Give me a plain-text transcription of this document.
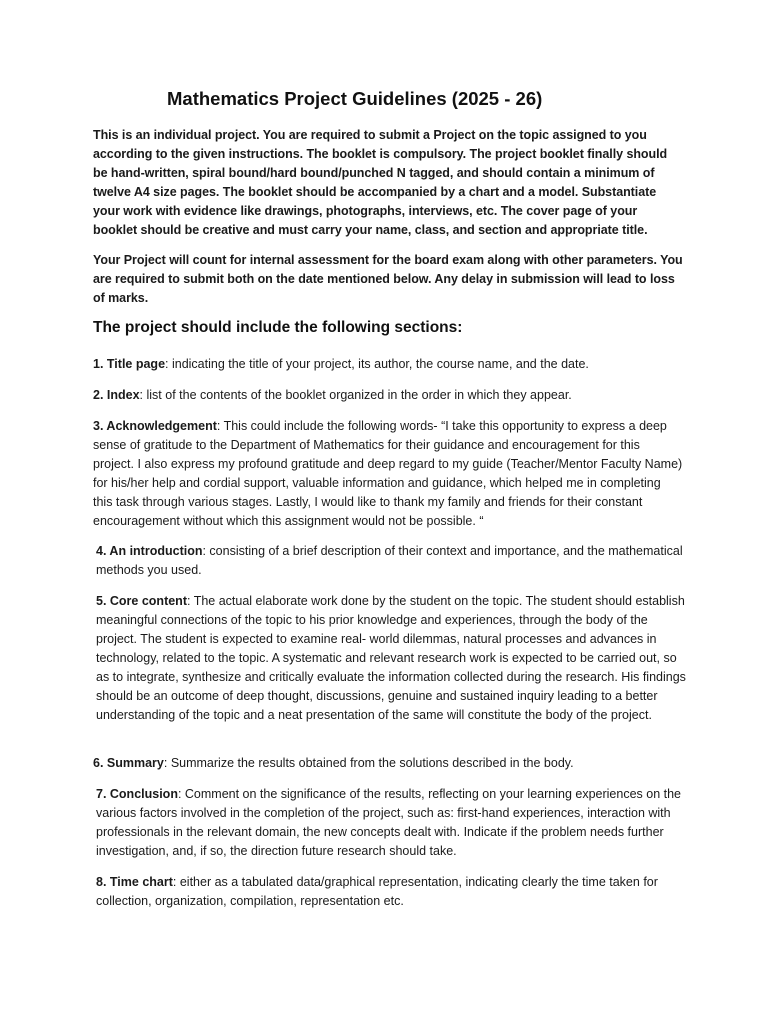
Mathematics Project Guidelines (2025 - 26)

This is an individual project. You are required to submit a Project on the topic assigned to you according to the given instructions. The booklet is compulsory. The project booklet finally should be hand-written, spiral bound/hard bound/punched N tagged, and should contain a minimum of twelve A4 size pages. The booklet should be accompanied by a chart and a model. Substantiate your work with evidence like drawings, photographs, interviews, etc. The cover page of your booklet should be creative and must carry your name, class, and section and appropriate title.

Your Project will count for internal assessment for the board exam along with other parameters. You are required to submit both on the date mentioned below. Any delay in submission will lead to loss of marks.

The project should include the following sections:

1. Title page: indicating the title of your project, its author, the course name, and the date.

2. Index: list of the contents of the booklet organized in the order in which they appear.

3. Acknowledgement: This could include the following words- “I take this opportunity to express a deep sense of gratitude to the Department of Mathematics for their guidance and encouragement for this project. I also express my profound gratitude and deep regard to my guide (Teacher/Mentor Faculty Name) for his/her help and cordial support, valuable information and guidance, which helped me in completing this task through various stages. Lastly, I would like to thank my family and friends for their constant encouragement without which this assignment would not be possible. “

4. An introduction: consisting of a brief description of their context and importance, and the mathematical methods you used.

5. Core content: The actual elaborate work done by the student on the topic. The student should establish meaningful connections of the topic to his prior knowledge and experiences, through the body of the project. The student is expected to examine real- world dilemmas, natural processes and advances in technology, related to the topic. A systematic and relevant research work is expected to be carried out, so as to integrate, synthesize and critically evaluate the information collected during the research. His findings should be an outcome of deep thought, discussions, genuine and sustained inquiry leading to a better understanding of the topic and a neat presentation of the same will constitute the body of the project.

6. Summary: Summarize the results obtained from the solutions described in the body.

7. Conclusion: Comment on the significance of the results, reflecting on your learning experiences on the various factors involved in the completion of the project, such as: first-hand experiences, interaction with professionals in the relevant domain, the new concepts dealt with. Indicate if the problem needs further investigation, and, if so, the direction future research should take.

8. Time chart: either as a tabulated data/graphical representation, indicating clearly the time taken for collection, organization, compilation, representation etc.
